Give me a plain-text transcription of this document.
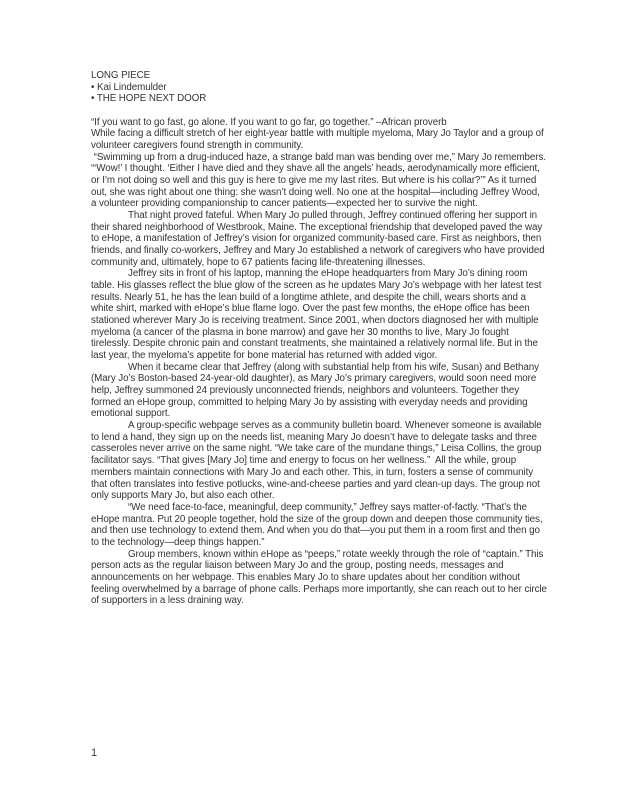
LONG PIECE

• Kai Lindemulder
• THE HOPE NEXT DOOR

“If you want to go fast, go alone. If you want to go far, go together.” –African proverb

While facing a difficult stretch of her eight-year battle with multiple myeloma, Mary Jo Taylor and a group of volunteer caregivers found strength in community.

“Swimming up from a drug-induced haze, a strange bald man was bending over me,” Mary Jo remembers. “‘Wow!’ I thought. ‘Either I have died and they shave all the angels’ heads, aerodynamically more efficient, or I’m not doing so well and this guy is here to give me my last rites. But where is his collar?’” As it turned out, she was right about one thing: she wasn’t doing well. No one at the hospital—including Jeffrey Wood, a volunteer providing companionship to cancer patients—expected her to survive the night.

That night proved fateful. When Mary Jo pulled through, Jeffrey continued offering her support in their shared neighborhood of Westbrook, Maine. The exceptional friendship that developed paved the way to eHope, a manifestation of Jeffrey’s vision for organized community-based care. First as neighbors, then friends, and finally co-workers, Jeffrey and Mary Jo established a network of caregivers who have provided community and, ultimately, hope to 67 patients facing life-threatening illnesses.

Jeffrey sits in front of his laptop, manning the eHope headquarters from Mary Jo’s dining room table. His glasses reflect the blue glow of the screen as he updates Mary Jo’s webpage with her latest test results. Nearly 51, he has the lean build of a longtime athlete, and despite the chill, wears shorts and a white shirt, marked with eHope’s blue flame logo. Over the past few months, the eHope office has been stationed wherever Mary Jo is receiving treatment. Since 2001, when doctors diagnosed her with multiple myeloma (a cancer of the plasma in bone marrow) and gave her 30 months to live, Mary Jo fought tirelessly. Despite chronic pain and constant treatments, she maintained a relatively normal life. But in the last year, the myeloma’s appetite for bone material has returned with added vigor.

When it became clear that Jeffrey (along with substantial help from his wife, Susan) and Bethany (Mary Jo’s Boston-based 24-year-old daughter), as Mary Jo’s primary caregivers, would soon need more help, Jeffrey summoned 24 previously unconnected friends, neighbors and volunteers. Together they formed an eHope group, committed to helping Mary Jo by assisting with everyday needs and providing emotional support.

A group-specific webpage serves as a community bulletin board. Whenever someone is available to lend a hand, they sign up on the needs list, meaning Mary Jo doesn’t have to delegate tasks and three casseroles never arrive on the same night. “We take care of the mundane things,” Leisa Collins, the group facilitator says. “That gives [Mary Jo] time and energy to focus on her wellness.”  All the while, group members maintain connections with Mary Jo and each other. This, in turn, fosters a sense of community that often translates into festive potlucks, wine-and-cheese parties and yard clean-up days. The group not only supports Mary Jo, but also each other.

“We need face-to-face, meaningful, deep community,” Jeffrey says matter-of-factly. “That’s the eHope mantra. Put 20 people together, hold the size of the group down and deepen those community ties, and then use technology to extend them. And when you do that—you put them in a room first and then go to the technology—deep things happen.”

Group members, known within eHope as “peeps,” rotate weekly through the role of “captain.” This person acts as the regular liaison between Mary Jo and the group, posting needs, messages and announcements on her webpage. This enables Mary Jo to share updates about her condition without feeling overwhelmed by a barrage of phone calls. Perhaps more importantly, she can reach out to her circle of supporters in a less draining way.

1
